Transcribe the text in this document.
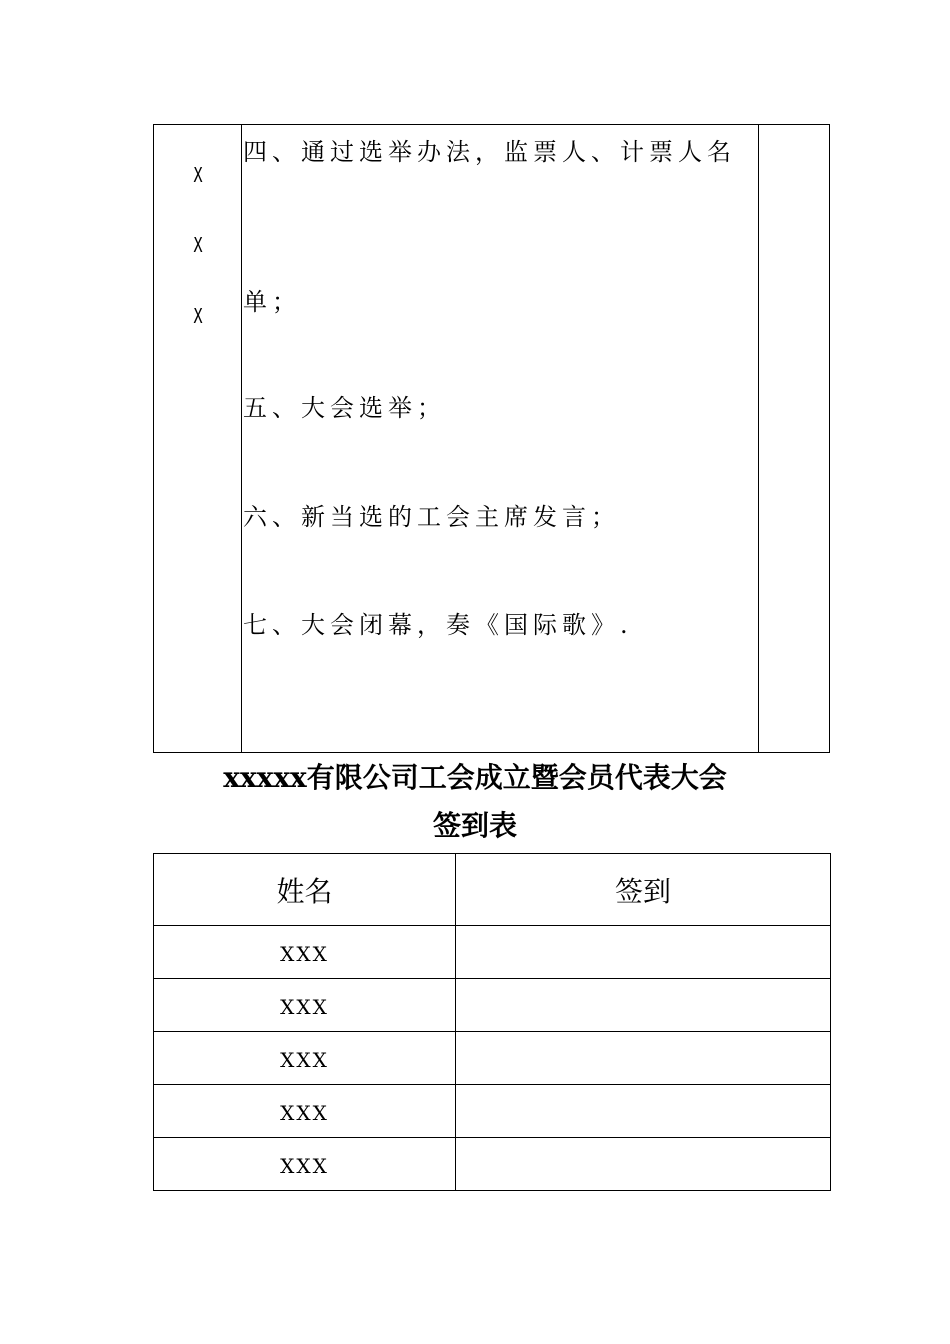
X
X
X
四、通过选举办法，监票人、计票人名
单；
五、大会选举；
六、新当选的工会主席发言；
七、大会闭幕，奏《国际歌》.
xxxxx有限公司工会成立暨会员代表大会
签到表
姓名	签到
XXX	
XXX	
XXX	
XXX	
XXX	
